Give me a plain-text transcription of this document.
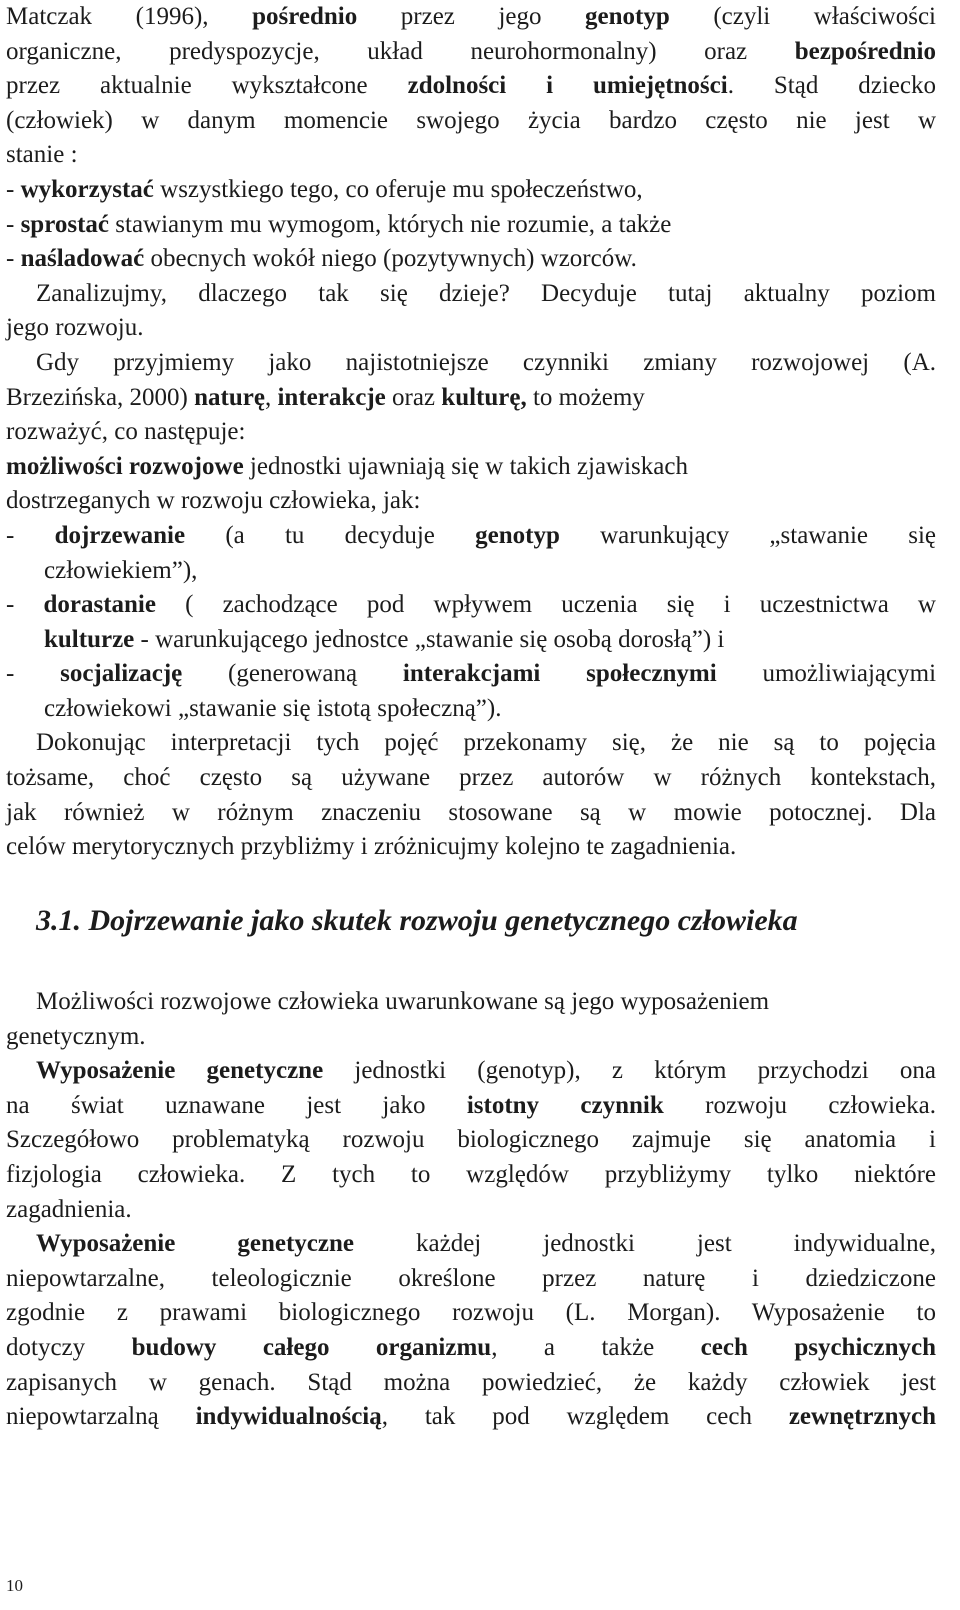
Matczak (1996), pośrednio przez jego genotyp (czyli właściwości
organiczne, predyspozycje, układ neurohormonalny) oraz bezpośrednio
przez aktualnie wykształcone zdolności i umiejętności. Stąd dziecko
(człowiek) w danym momencie swojego życia bardzo często nie jest w
stanie :
- wykorzystać wszystkiego tego, co oferuje mu społeczeństwo,
- sprostać stawianym mu wymogom, których nie rozumie, a także
- naśladować obecnych wokół niego (pozytywnych) wzorców.
Zanalizujmy, dlaczego tak się dzieje? Decyduje tutaj aktualny poziom
jego rozwoju.
Gdy przyjmiemy jako najistotniejsze czynniki zmiany rozwojowej (A.
Brzezińska, 2000) naturę, interakcje oraz kulturę, to możemy
rozważyć, co następuje:
możliwości rozwojowe jednostki ujawniają się w takich zjawiskach
dostrzeganych w rozwoju człowieka, jak:
- dojrzewanie (a tu decyduje genotyp warunkujący „stawanie się
człowiekiem”),
- dorastanie ( zachodzące pod wpływem uczenia się i uczestnictwa w
kulturze - warunkującego jednostce „stawanie się osobą dorosłą”) i
- socjalizację (generowaną interakcjami społecznymi umożliwiającymi
człowiekowi „stawanie się istotą społeczną”).
Dokonując interpretacji tych pojęć przekonamy się, że nie są to pojęcia
tożsame, choć często są używane przez autorów w różnych kontekstach,
jak również w różnym znaczeniu stosowane są w mowie potocznej. Dla
celów merytorycznych przybliżmy i zróżnicujmy kolejno te zagadnienia.
3.1. Dojrzewanie jako skutek rozwoju genetycznego człowieka
Możliwości rozwojowe człowieka uwarunkowane są jego wyposażeniem
genetycznym.
Wyposażenie genetyczne jednostki (genotyp), z którym przychodzi ona
na świat uznawane jest jako istotny czynnik rozwoju człowieka.
Szczegółowo problematyką rozwoju biologicznego zajmuje się anatomia i
fizjologia człowieka. Z tych to względów przybliżymy tylko niektóre
zagadnienia.
Wyposażenie genetyczne każdej jednostki jest indywidualne,
niepowtarzalne, teleologicznie określone przez naturę i dziedziczone
zgodnie z prawami biologicznego rozwoju (L. Morgan). Wyposażenie to
dotyczy budowy całego organizmu, a także cech psychicznych
zapisanych w genach. Stąd można powiedzieć, że każdy człowiek jest
niepowtarzalną indywidualnością, tak pod względem cech zewnętrznych
10
